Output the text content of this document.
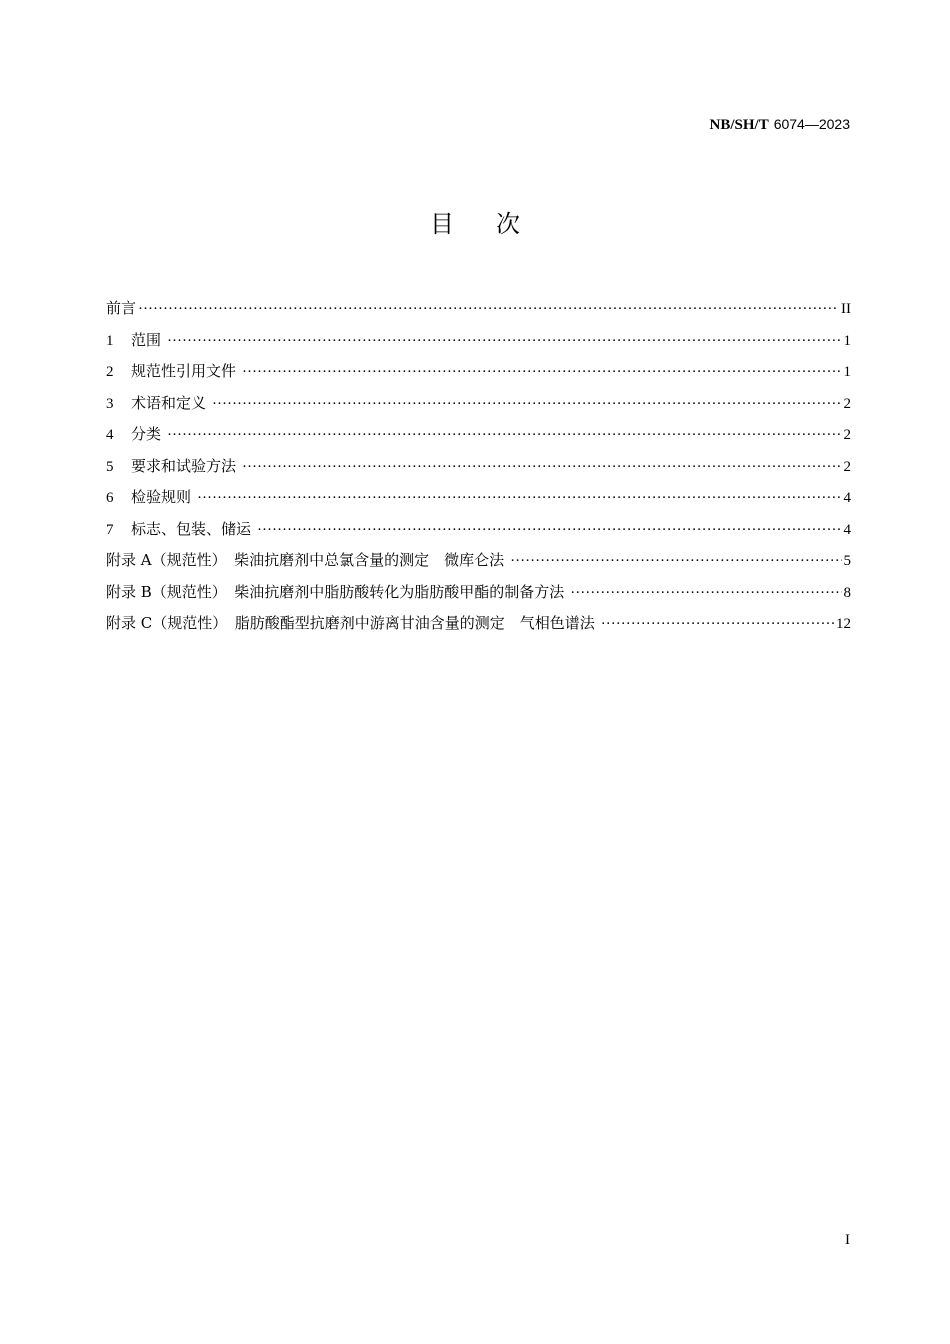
NB/SH/T 6074—2023
目次
前言 ·····	II
1	范围 ·····	1
2	规范性引用文件 ·····	1
3	术语和定义 ·····	2
4	分类 ·····	2
5	要求和试验方法 ·····	2
6	检验规则 ·····	4
7	标志、包装、储运 ·····	4
附录 A（规范性）　柴油抗磨剂中总氯含量的测定　微库仑法 ·····	5
附录 B（规范性）　柴油抗磨剂中脂肪酸转化为脂肪酸甲酯的制备方法 ·····	8
附录 C（规范性）　脂肪酸酯型抗磨剂中游离甘油含量的测定　气相色谱法 ·····	12
I
